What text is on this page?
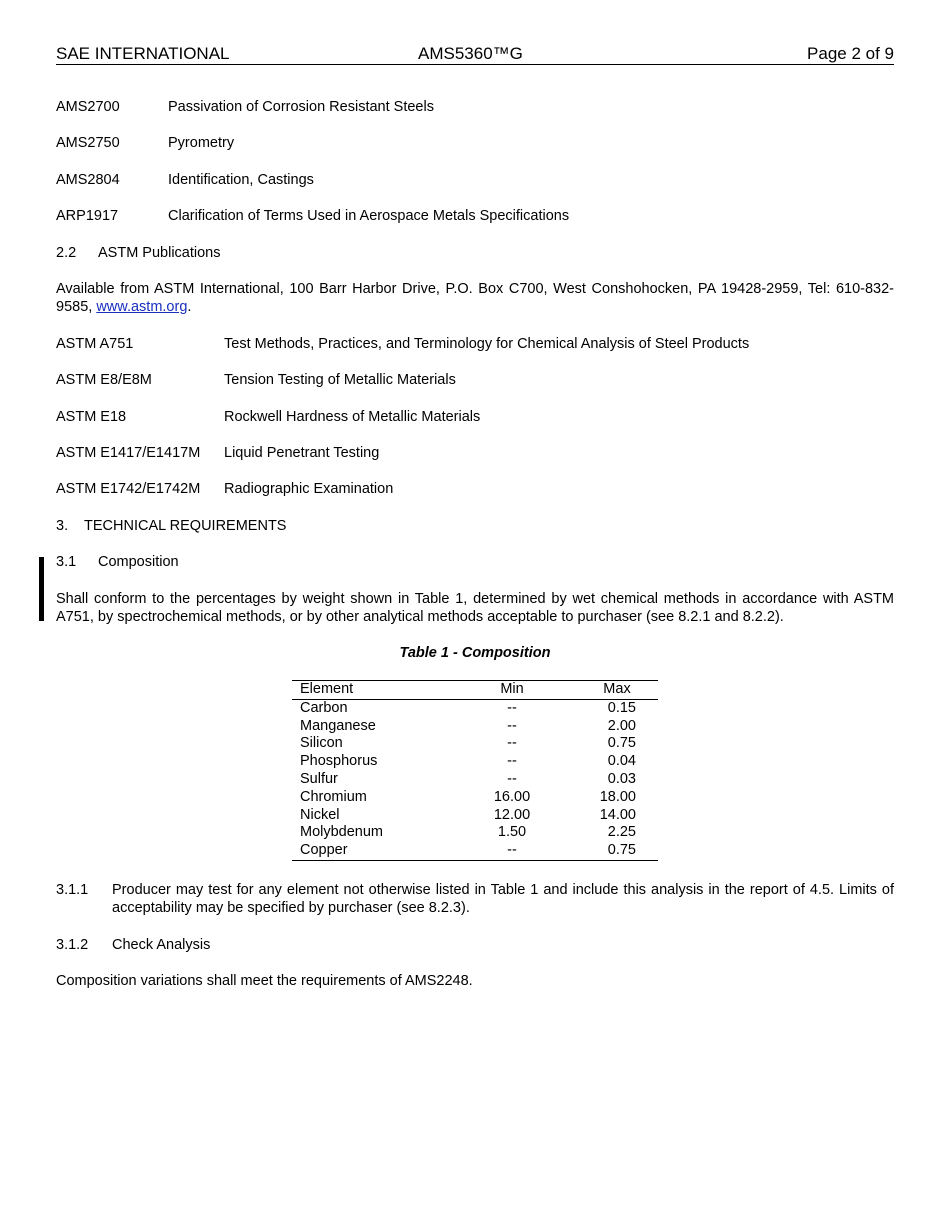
SAE INTERNATIONAL	AMS5360™G	Page 2 of 9
AMS2700	Passivation of Corrosion Resistant Steels
AMS2750	Pyrometry
AMS2804	Identification, Castings
ARP1917	Clarification of Terms Used in Aerospace Metals Specifications
2.2 ASTM Publications
Available from ASTM International, 100 Barr Harbor Drive, P.O. Box C700, West Conshohocken, PA 19428-2959, Tel: 610-832-9585, www.astm.org.
ASTM A751	Test Methods, Practices, and Terminology for Chemical Analysis of Steel Products
ASTM E8/E8M	Tension Testing of Metallic Materials
ASTM E18	Rockwell Hardness of Metallic Materials
ASTM E1417/E1417M Liquid Penetrant Testing
ASTM E1742/E1742M Radiographic Examination
3. TECHNICAL REQUIREMENTS
3.1 Composition
Shall conform to the percentages by weight shown in Table 1, determined by wet chemical methods in accordance with ASTM A751, by spectrochemical methods, or by other analytical methods acceptable to purchaser (see 8.2.1 and 8.2.2).
Table 1 - Composition
Element	Min	Max
Carbon	--	0.15
Manganese	--	2.00
Silicon	--	0.75
Phosphorus	--	0.04
Sulfur	--	0.03
Chromium	16.00	18.00
Nickel	12.00	14.00
Molybdenum	1.50	2.25
Copper	--	0.75
3.1.1 Producer may test for any element not otherwise listed in Table 1 and include this analysis in the report of 4.5. Limits of acceptability may be specified by purchaser (see 8.2.3).
3.1.2 Check Analysis
Composition variations shall meet the requirements of AMS2248.
